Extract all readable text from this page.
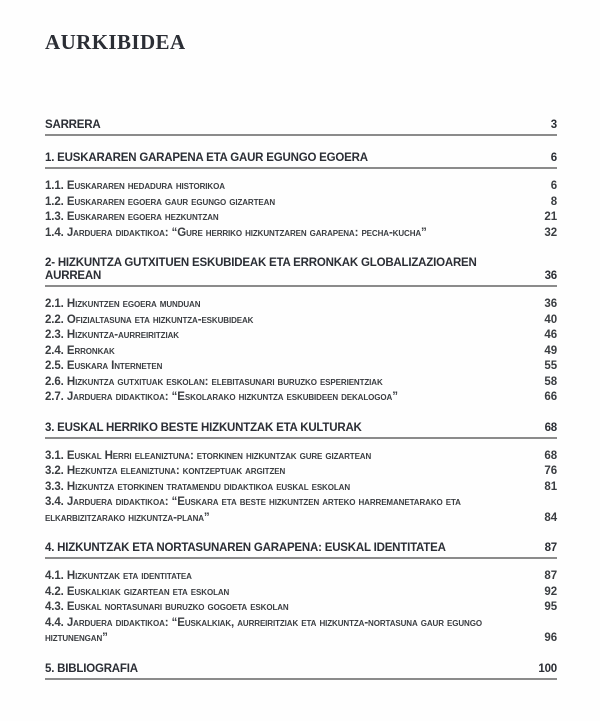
AURKIBIDEA
SARRERA	3
1. EUSKARAREN GARAPENA ETA GAUR EGUNGO EGOERA	6
1.1. Euskararen hedadura historikoa	6
1.2. Euskararen egoera gaur egungo gizartean	8
1.3. Euskararen egoera hezkuntzan	21
1.4. Jarduera didaktikoa: “Gure herriko hizkuntzaren garapena: pecha-kucha”	32
2- HIZKUNTZA GUTXITUEN ESKUBIDEAK ETA ERRONKAK GLOBALIZAZIOAREN AURREAN	36
2.1. Hizkuntzen egoera munduan	36
2.2. Ofizialtasuna eta hizkuntza-eskubideak	40
2.3. Hizkuntza-aurreiritziak	46
2.4. Erronkak	49
2.5. Euskara Interneten	55
2.6. Hizkuntza gutxituak eskolan: elebitasunari buruzko esperientziak	58
2.7. Jarduera didaktikoa: “Eskolarako hizkuntza eskubideen dekalogoa”	66
3. EUSKAL HERRIKO BESTE HIZKUNTZAK ETA KULTURAK	68
3.1. Euskal Herri eleaniztuna: etorkinen hizkuntzak gure gizartean	68
3.2. Hezkuntza eleaniztuna: kontzeptuak argitzen	76
3.3. Hizkuntza etorkinen tratamendu didaktikoa euskal eskolan	81
3.4. Jarduera didaktikoa: “Euskara eta beste hizkuntzen arteko harremanetarako eta elkarbizitzarako hizkuntza-plana”	84
4. HIZKUNTZAK ETA NORTASUNAREN GARAPENA: EUSKAL IDENTITATEA	87
4.1. Hizkuntzak eta identitatea	87
4.2. Euskalkiak gizartean eta eskolan	92
4.3. Euskal nortasunari buruzko gogoeta eskolan	95
4.4. Jarduera didaktikoa: “Euskalkiak, aurreiritziak eta hizkuntza-nortasuna gaur egungo hiztunengan”	96
5. BIBLIOGRAFIA	100
